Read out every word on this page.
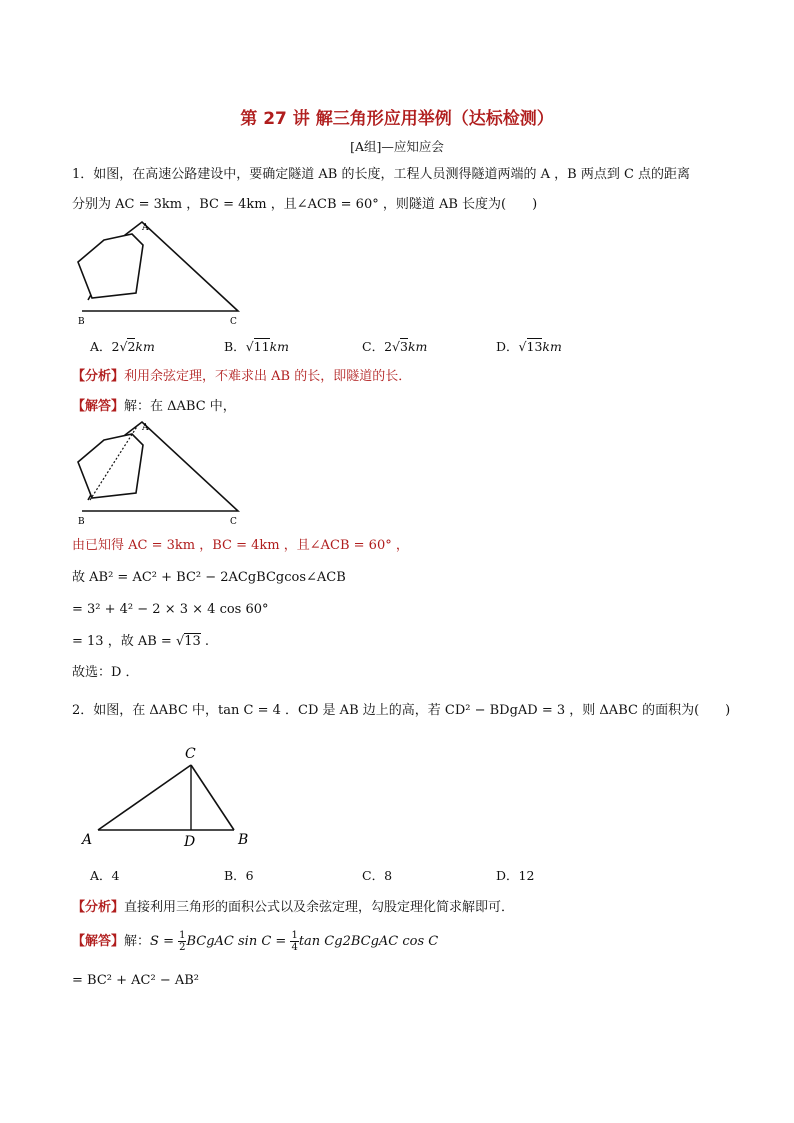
第 27 讲 解三角形应用举例（达标检测）
[A组]—应知应会
1．如图，在高速公路建设中，要确定隧道 AB 的长度，工程人员测得隧道两端的 A ，B 两点到 C 点的距离
分别为 AC = 3km ，BC = 4km ，且∠ACB = 60° ，则隧道 AB 长度为(　　)
A
B	C
A．2√2km	B．√11km	C．2√3km	D．√13km
【分析】利用余弦定理，不难求出 AB 的长，即隧道的长．
【解答】解：在 ΔABC 中，
A
B	C
由已知得 AC = 3km ，BC = 4km ，且∠ACB = 60° ，
故 AB² = AC² + BC² − 2ACgBCgcos∠ACB
= 3² + 4² − 2 × 3 × 4 cos 60°
= 13 ，故 AB = √13 .
故选：D ．
2．如图，在 ΔABC 中，tan C = 4 ．CD 是 AB 边上的高，若 CD² − BDgAD = 3 ，则 ΔABC 的面积为(　　)
C
A	D	B
A．4	B．6	C．8	D．12
【分析】直接利用三角形的面积公式以及余弦定理，勾股定理化简求解即可．
【解答】解：$S = \frac{1}{2}$ BCgAC $\sin C = \frac{1}{4}$ tan Cg2BCgAC cos C
= BC² + AC² − AB²
